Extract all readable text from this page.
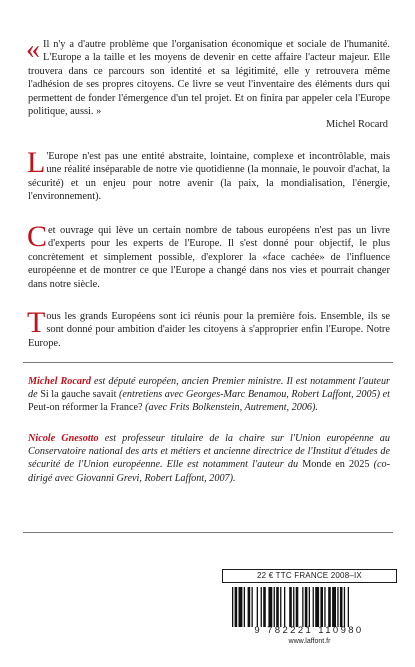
« Il n'y a d'autre problème que l'organisation économique et sociale de l'humanité. L'Europe a la taille et les moyens de devenir en cette affaire l'acteur majeur. Elle trouvera dans ce parcours son identité et sa légitimité, elle y retrouvera même l'adhésion de ses propres citoyens. Ce livre se veut l'inventaire des éléments durs qui permettent de fonder l'émergence d'un tel projet. Et on finira par appeler cela l'Europe politique, aussi. »
Michel Rocard
L 'Europe n'est pas une entité abstraite, lointaine, complexe et incontrôlable, mais une réalité inséparable de notre vie quotidienne (la monnaie, le pouvoir d'achat, la sécurité) et un enjeu pour notre avenir (la paix, la mondialisation, l'énergie, l'environnement).
C et ouvrage qui lève un certain nombre de tabous européens n'est pas un livre d'experts pour les experts de l'Europe. Il s'est donné pour objectif, le plus concrètement et simplement possible, d'explorer la «face cachée» de l'influence européenne et de montrer ce que l'Europe a changé dans nos vies et pourrait changer dans notre siècle.
T ous les grands Européens sont ici réunis pour la première fois. Ensemble, ils se sont donné pour ambition d'aider les citoyens à s'approprier enfin l'Europe. Notre Europe.
Michel Rocard est député européen, ancien Premier ministre. Il est notamment l'auteur de Si la gauche savait (entretiens avec Georges-Marc Benamou, Robert Laffont, 2005) et Peut-on réformer la France? (avec Frits Bolkenstein, Autrement, 2006).
Nicole Gnesotto est professeur titulaire de la chaire sur l'Union européenne au Conservatoire national des arts et métiers et ancienne directrice de l'Institut d'études de sécurité de l'Union européenne. Elle est notamment l'auteur du Monde en 2025 (co-dirigé avec Giovanni Grevi, Robert Laffont, 2007).
22 € TTC FRANCE 2008–IX
9 782221 110980
www.laffont.fr
